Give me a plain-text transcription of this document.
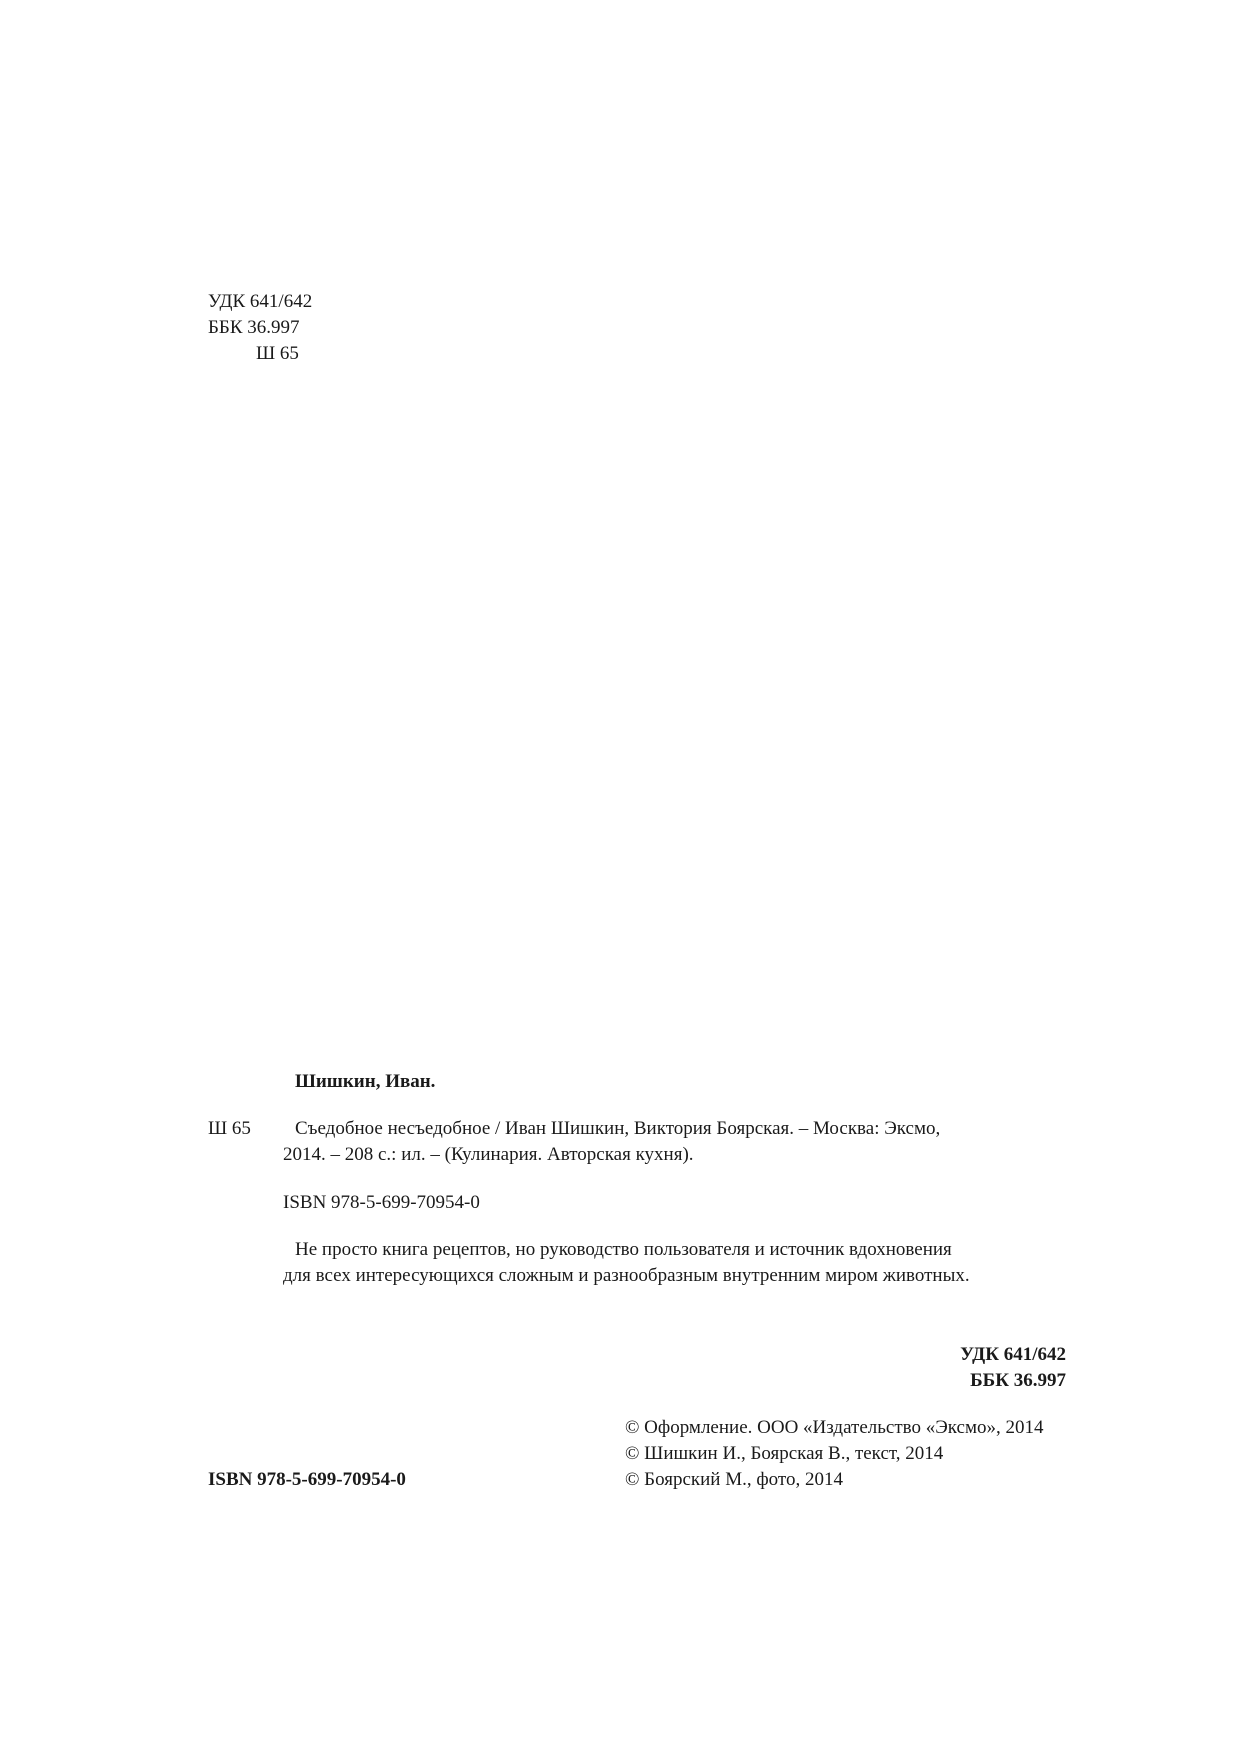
УДК 641/642
ББК 36.997
Ш 65
Шишкин, Иван.
Ш 65 Съедобное несъедобное / Иван Шишкин, Виктория Боярская. – Москва: Эксмо,
2014. – 208 с.: ил. – (Кулинария. Авторская кухня).
ISBN 978-5-699-70954-0
Не просто книга рецептов, но руководство пользователя и источник вдохновения
для всех интересующихся сложным и разнообразным внутренним миром животных.
УДК 641/642
ББК 36.997
© Оформление. ООО «Издательство «Эксмо», 2014
© Шишкин И., Боярская В., текст, 2014
© Боярский М., фото, 2014
ISBN 978-5-699-70954-0
